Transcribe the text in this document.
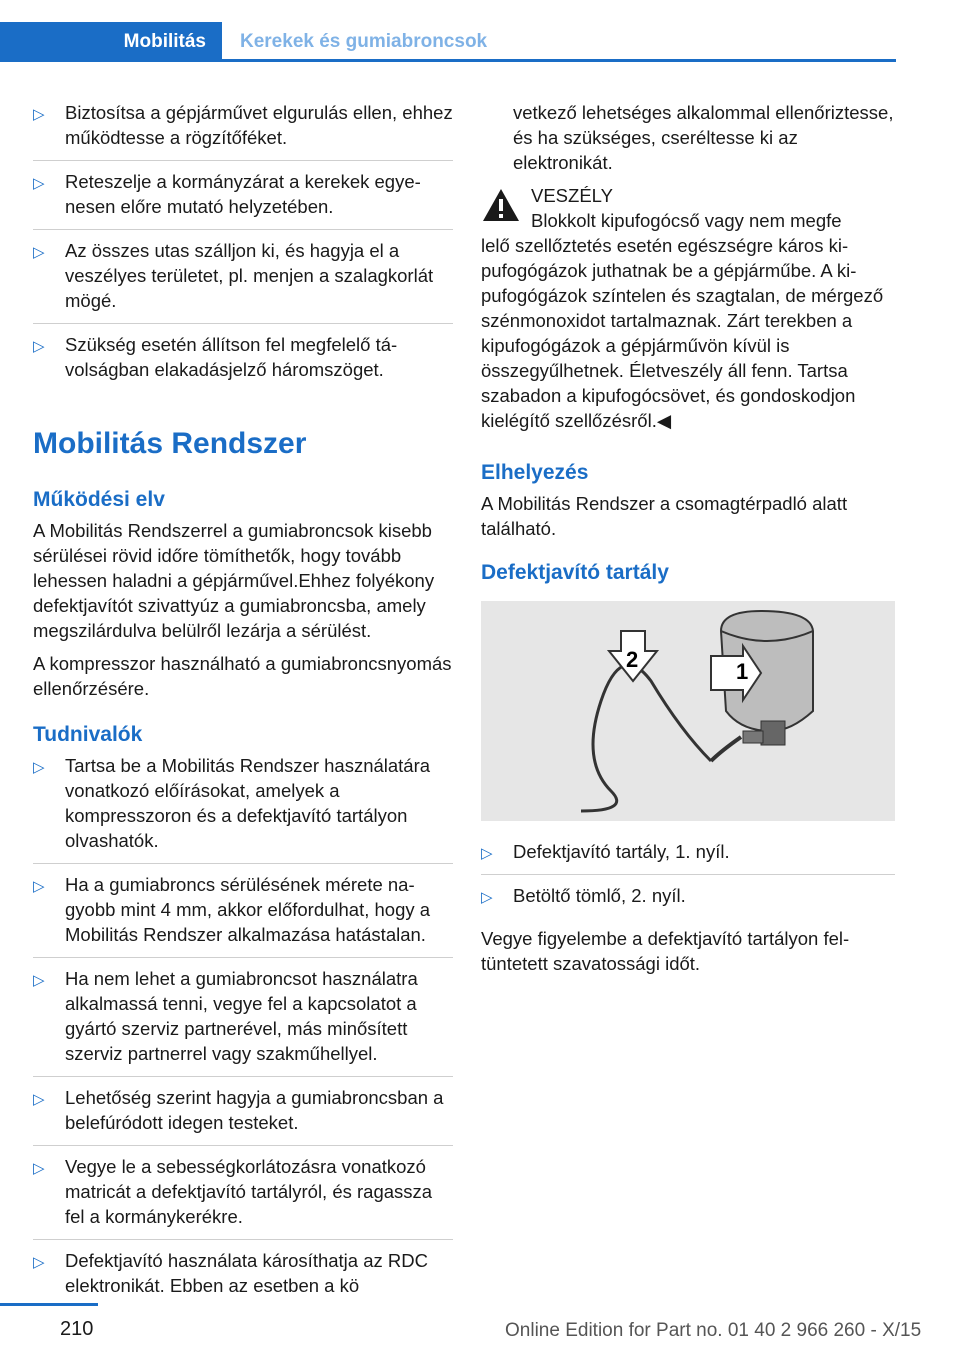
Mobilitás	Kerekek és gumiabroncsok
▷ Biztosítsa a gépjárművet elgurulás ellen, ehhez működtesse a rögzítőféket.
▷ Reteszelje a kormányzárat a kerekek egyenesen előre mutató helyzetében.
▷ Az összes utas szálljon ki, és hagyja el a veszélyes területet, pl. menjen a szalagkorlát mögé.
▷ Szükség esetén állítson fel megfelelő távolságban elakadásjelző háromszöget.
Mobilitás Rendszer
Működési elv

A Mobilitás Rendszerrel a gumiabroncsok kisebb sérülései rövid időre tömíthetők, hogy tovább lehessen haladni a gépjárművel.Ehhez folyékony defektjavítót szivattyúz a gumiabroncsba, amely megszilárdulva belülről lezárja a sérülést.

A kompresszor használható a gumiabroncsnyomás ellenőrzésére.

Tudnivalók
▷ Tartsa be a Mobilitás Rendszer használatára vonatkozó előírásokat, amelyek a kompresszoron és a defektjavító tartályon olvashatók.
▷ Ha a gumiabroncs sérülésének mérete nagyobb mint 4 mm, akkor előfordulhat, hogy a Mobilitás Rendszer alkalmazása hatástalan.
▷ Ha nem lehet a gumiabroncsot használatra alkalmassá tenni, vegye fel a kapcsolatot a gyártó szerviz partnerével, más minősített szerviz partnerrel vagy szakműhellyel.
▷ Lehetőség szerint hagyja a gumiabroncsban a belefúródott idegen testeket.
▷ Vegye le a sebességkorlátozásra vonatkozó matricát a defektjavító tartályról, és ragassza fel a kormánykerékre.
▷ Defektjavító használata károsíthatja az RDC elektronikát. Ebben az esetben a kö

vetkező lehetséges alkalommal ellenőriztesse, és ha szükséges, cseréltesse ki az elektronikát.

VESZÉLY
Blokkolt kipufogócső vagy nem megfe
lelő szellőztetés esetén egészségre káros kipufogógázok juthatnak be a gépjárműbe. A kipufogógázok színtelen és szagtalan, de mérgező szénmonoxidot tartalmaznak. Zárt terekben a kipufogógázok a gépjárművön kívül is összegyűlhetnek. Életveszély áll fenn. Tartsa szabadon a kipufogócsövet, és gondoskodjon kielégítő szellőzésről.◀
Elhelyezés

A Mobilitás Rendszer a csomagtérpadló alatt található.

Defektjavító tartály
1
2
▷ Defektjavító tartály, 1. nyíl.
▷ Betöltő tömlő, 2. nyíl.

Vegye figyelembe a defektjavító tartályon feltüntetett szavatossági időt.

210	Online Edition for Part no. 01 40 2 966 260 - X/15
